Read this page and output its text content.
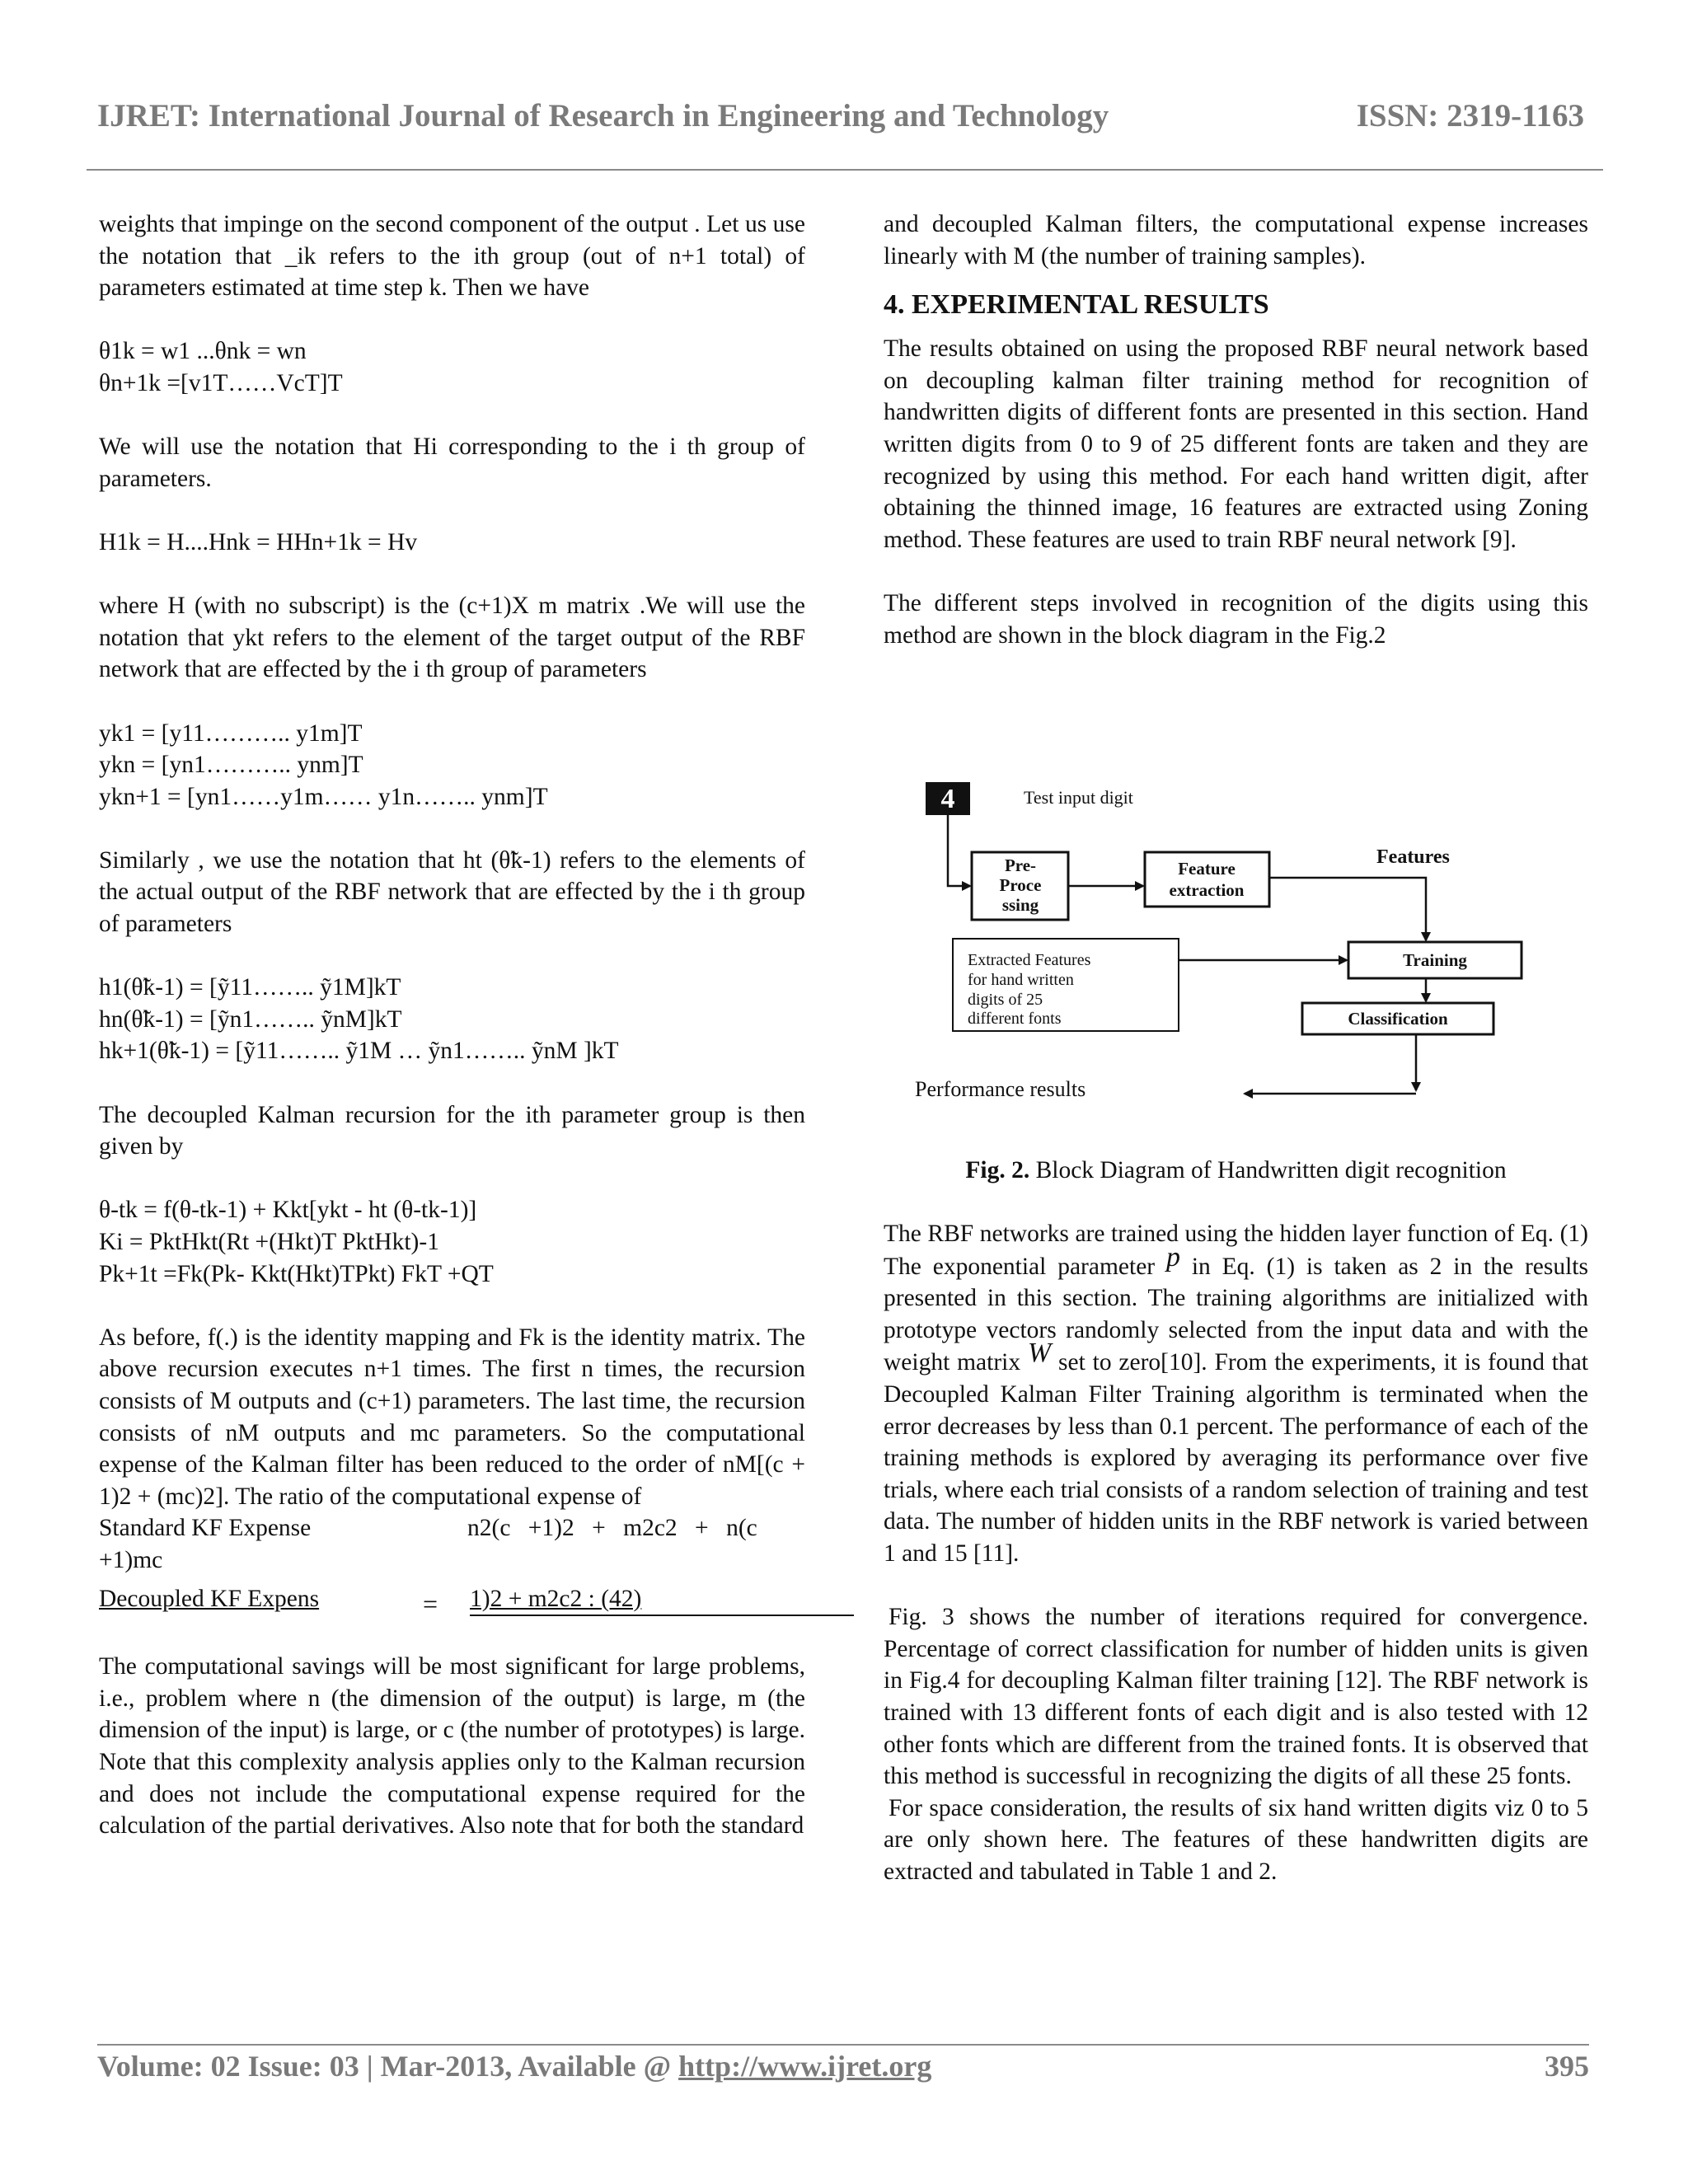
IJRET: International Journal of Research in Engineering and Technology	ISSN: 2319-1163
weights that impinge on the second component of the output . Let us use the notation that _ik refers to the ith group (out of n+1 total) of parameters estimated at time step k. Then we have
θ1k = w1 ...θnk = wn
θn+1k =[v1T……VcT]T
We will use the notation that Hi corresponding to the i th group of parameters.
H1k = H....Hnk = HHn+1k = Hv
where H (with no subscript) is the (c+1)X m matrix .We will use the notation that ykt refers to the element of the target output of the RBF network that are effected by the i th group of parameters
yk1 = [y11……….. y1m]T
ykn = [yn1……….. ynm]T
ykn+1 = [yn1……y1m…… y1n…….. ynm]T
Similarly , we use the notation that ht (θ̃k-1) refers to the elements of the actual output of the RBF network that are effected by the i th group of parameters
h1(θ̃k-1) = [ỹ11…….. ỹ1M]kT
hn(θ̃k-1) = [ỹn1…….. ỹnM]kT
hk+1(θ̃k-1) = [ỹ11…….. ỹ1M … ỹn1…….. ỹnM ]kT
The decoupled Kalman recursion for the ith parameter group is then given by
θ-tk = f(θ-tk-1) + Kkt[ykt - ht (θ-tk-1)]
Ki = PktHkt(Rt +(Hkt)T PktHkt)-1
Pk+1t =Fk(Pk- Kkt(Hkt)TPkt) FkT +QT
As before, f(.) is the identity mapping and Fk is the identity matrix. The above recursion executes n+1 times. The first n times, the recursion consists of M outputs and (c+1) parameters. The last time, the recursion consists of nM outputs and mc parameters. So the computational expense of the Kalman filter has been reduced to the order of nM[(c + 1)2 + (mc)2]. The ratio of the computational expense of
Standard KF Expense	n2(c +1)2 + m2c2 + n(c
+1)mc
Decoupled KF Expens	= 1)2 + m2c2 : (42)
The computational savings will be most significant for large problems, i.e., problem where n (the dimension of the output) is large, m (the dimension of the input) is large, or c (the number of prototypes) is large. Note that this complexity analysis applies only to the Kalman recursion and does not include the computational expense required for the calculation of the partial derivatives. Also note that for both the standard
and decoupled Kalman filters, the computational expense increases linearly with M (the number of training samples).
4. EXPERIMENTAL RESULTS
The results obtained on using the proposed RBF neural network based on decoupling kalman filter training method for recognition of handwritten digits of different fonts are presented in this section. Hand written digits from 0 to 9 of 25 different fonts are taken and they are recognized by using this method. For each hand written digit, after obtaining the thinned image, 16 features are extracted using Zoning method. These features are used to train RBF neural network [9].
The different steps involved in recognition of the digits using this method are shown in the block diagram in the Fig.2
4	Test input digit
Pre-
Proce
ssing
Feature
extraction
Features
Extracted Features
for hand written
digits of 25
different fonts
Training
Classification
Performance results
Fig. 2. Block Diagram of Handwritten digit recognition
The RBF networks are trained using the hidden layer function of Eq. (1) The exponential parameter p in Eq. (1) is taken as 2 in the results presented in this section. The training algorithms are initialized with prototype vectors randomly selected from the input data and with the weight matrix W set to zero[10]. From the experiments, it is found that Decoupled Kalman Filter Training algorithm is terminated when the error decreases by less than 0.1 percent. The performance of each of the training methods is explored by averaging its performance over five trials, where each trial consists of a random selection of training and test data. The number of hidden units in the RBF network is varied between 1 and 15 [11].
Fig. 3 shows the number of iterations required for convergence. Percentage of correct classification for number of hidden units is given in Fig.4 for decoupling Kalman filter training [12]. The RBF network is trained with 13 different fonts of each digit and is also tested with 12 other fonts which are different from the trained fonts. It is observed that this method is successful in recognizing the digits of all these 25 fonts.
For space consideration, the results of six hand written digits viz 0 to 5 are only shown here. The features of these handwritten digits are extracted and tabulated in Table 1 and 2.
Volume: 02 Issue: 03 | Mar-2013, Available @ http://www.ijret.org	395
